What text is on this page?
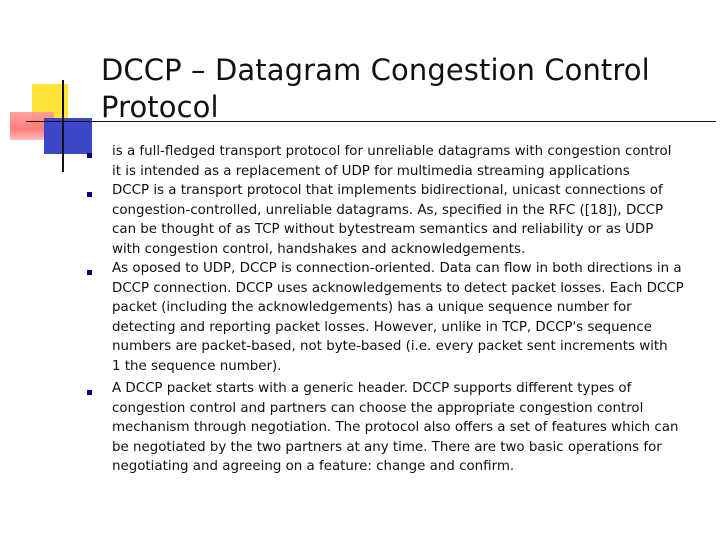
DCCP – Datagram Congestion Control
Protocol
is a full-fledged transport protocol for unreliable datagrams with congestion control
it is intended as a replacement of UDP for multimedia streaming applications
DCCP is a transport protocol that implements bidirectional, unicast connections of
congestion-controlled, unreliable datagrams. As, specified in the RFC ([18]), DCCP
can be thought of as TCP without bytestream semantics and reliability or as UDP
with congestion control, handshakes and acknowledgements.
As oposed to UDP, DCCP is connection-oriented. Data can flow in both directions in a
DCCP connection. DCCP uses acknowledgements to detect packet losses. Each DCCP
packet (including the acknowledgements) has a unique sequence number for
detecting and reporting packet losses. However, unlike in TCP, DCCP's sequence
numbers are packet-based, not byte-based (i.e. every packet sent increments with
1 the sequence number).
A DCCP packet starts with a generic header. DCCP supports different types of
congestion control and partners can choose the appropriate congestion control
mechanism through negotiation. The protocol also offers a set of features which can
be negotiated by the two partners at any time. There are two basic operations for
negotiating and agreeing on a feature: change and confirm.
